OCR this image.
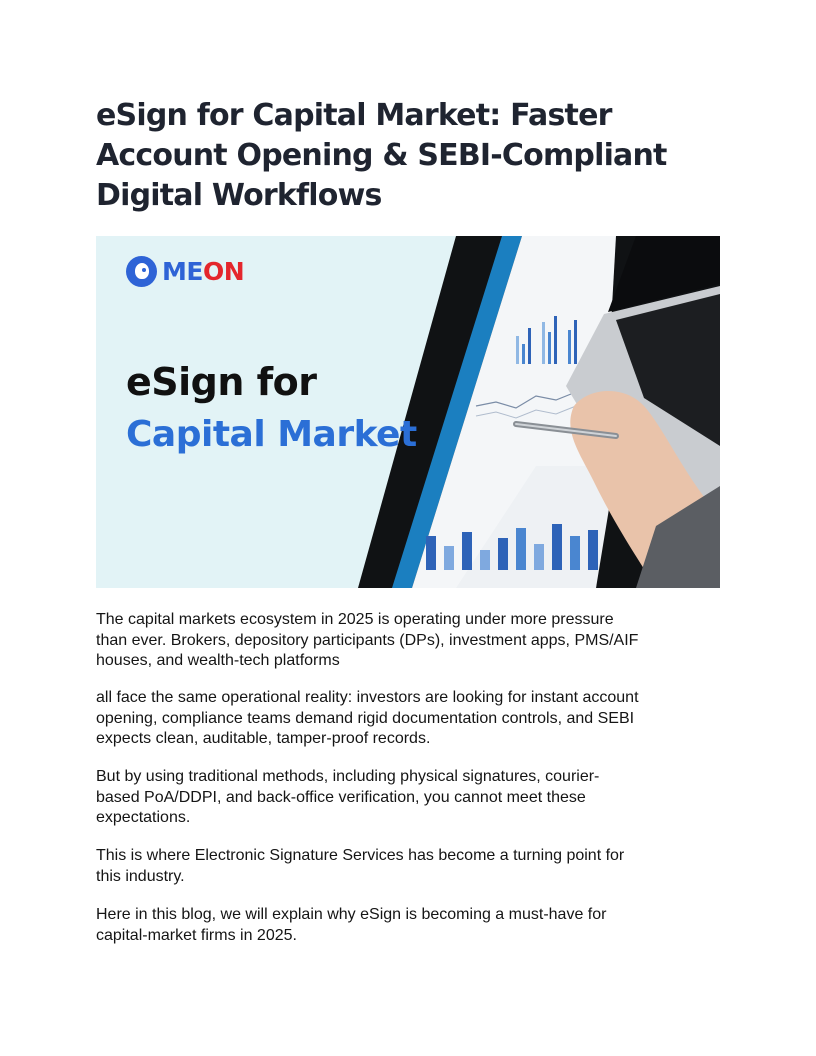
eSign for Capital Market: Faster
Account Opening & SEBI-Compliant
Digital Workflows
MEON

eSign for

Capital Market

The capital markets ecosystem in 2025 is operating under more pressure
than ever. Brokers, depository participants (DPs), investment apps, PMS/AIF
houses, and wealth-tech platforms

all face the same operational reality: investors are looking for instant account
opening, compliance teams demand rigid documentation controls, and SEBI
expects clean, auditable, tamper-proof records.

But by using traditional methods, including physical signatures, courier-
based PoA/DDPI, and back-office verification, you cannot meet these
expectations.

This is where Electronic Signature Services has become a turning point for
this industry.

Here in this blog, we will explain why eSign is becoming a must-have for
capital-market firms in 2025.
